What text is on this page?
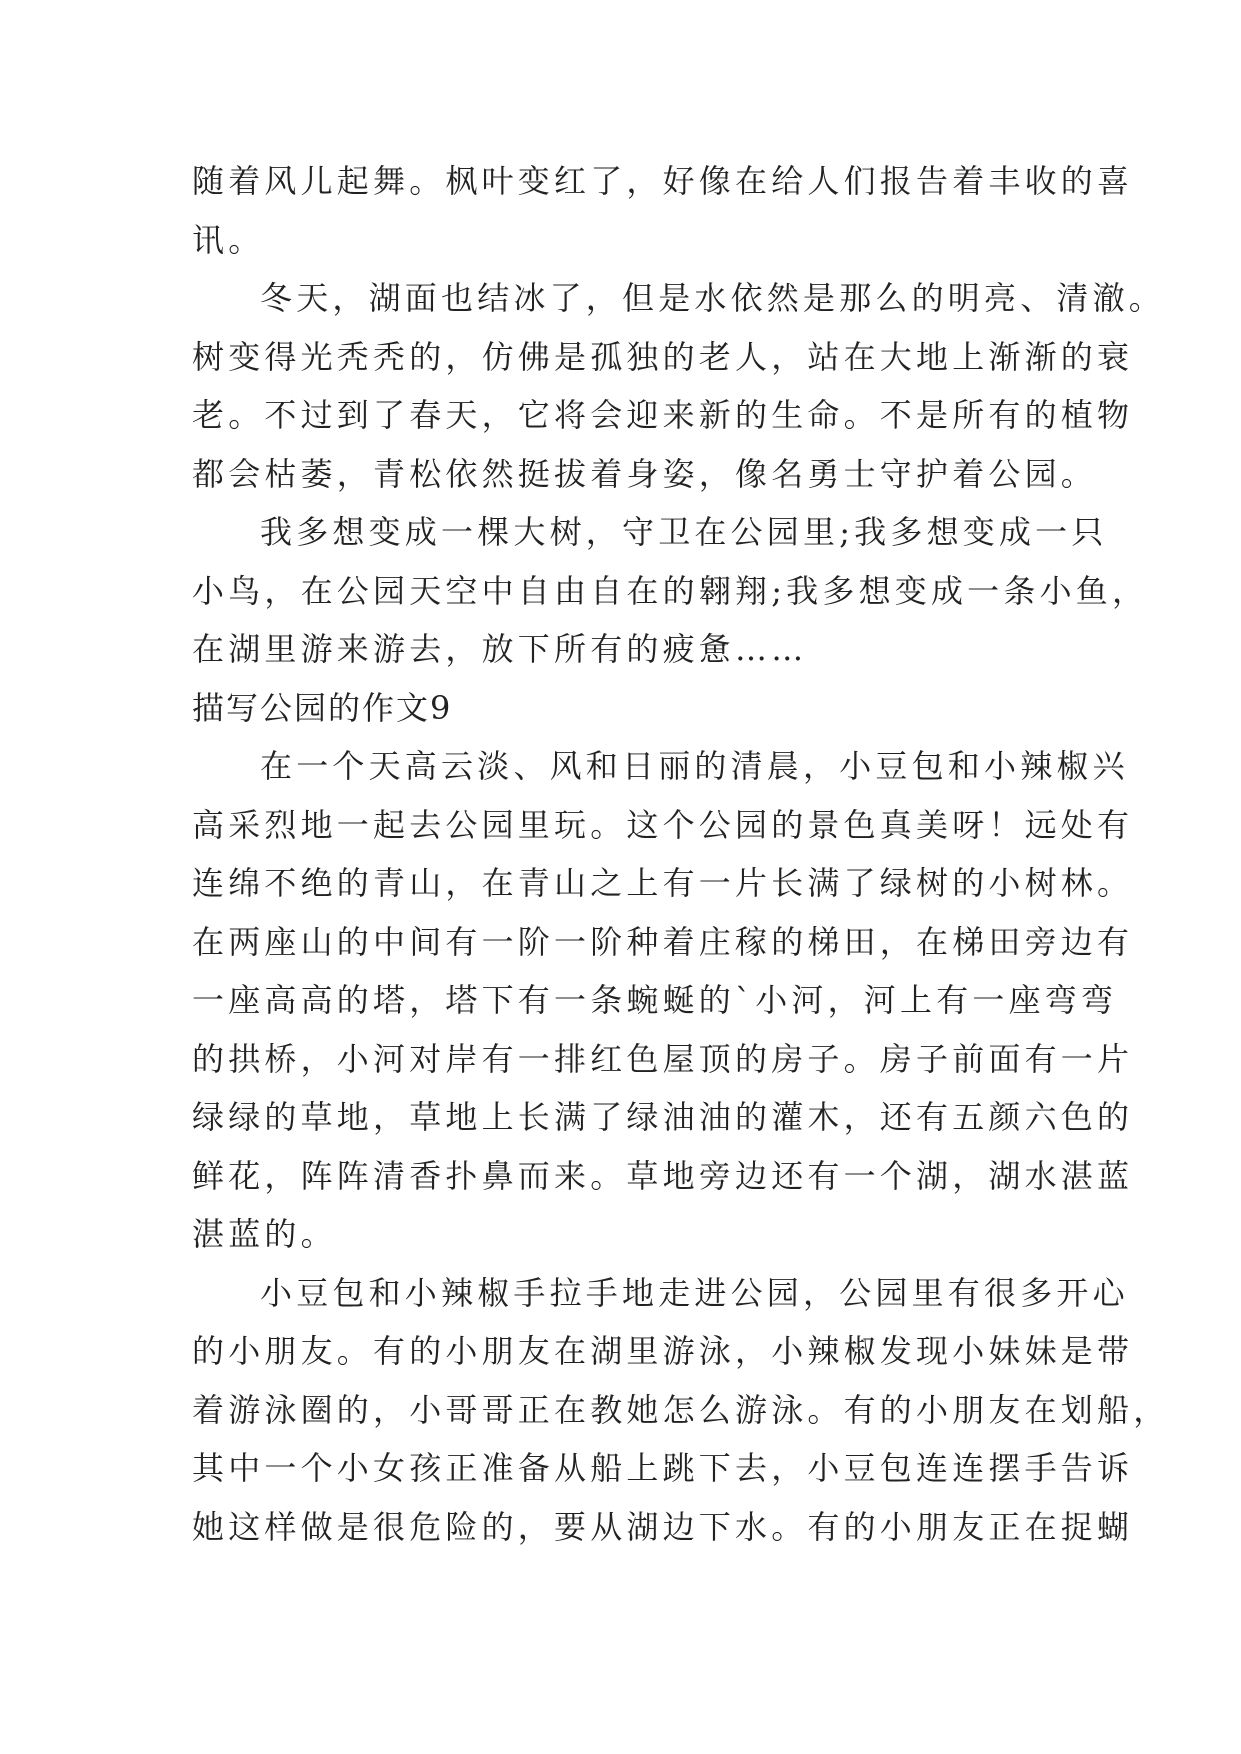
随着风儿起舞。枫叶变红了，好像在给人们报告着丰收的喜
讯。
冬天，湖面也结冰了，但是水依然是那么的明亮、清澈。
树变得光秃秃的，仿佛是孤独的老人，站在大地上渐渐的衰
老。不过到了春天，它将会迎来新的生命。不是所有的植物
都会枯萎，青松依然挺拔着身姿，像名勇士守护着公园。
我多想变成一棵大树，守卫在公园里;我多想变成一只
小鸟，在公园天空中自由自在的翱翔;我多想变成一条小鱼，
在湖里游来游去，放下所有的疲惫……
描写公园的作文9
在一个天高云淡、风和日丽的清晨，小豆包和小辣椒兴
高采烈地一起去公园里玩。这个公园的景色真美呀！远处有
连绵不绝的青山，在青山之上有一片长满了绿树的小树林。
在两座山的中间有一阶一阶种着庄稼的梯田，在梯田旁边有
一座高高的塔，塔下有一条蜿蜒的`小河，河上有一座弯弯
的拱桥，小河对岸有一排红色屋顶的房子。房子前面有一片
绿绿的草地，草地上长满了绿油油的灌木，还有五颜六色的
鲜花，阵阵清香扑鼻而来。草地旁边还有一个湖，湖水湛蓝
湛蓝的。
小豆包和小辣椒手拉手地走进公园，公园里有很多开心
的小朋友。有的小朋友在湖里游泳，小辣椒发现小妹妹是带
着游泳圈的，小哥哥正在教她怎么游泳。有的小朋友在划船，
其中一个小女孩正准备从船上跳下去，小豆包连连摆手告诉
她这样做是很危险的，要从湖边下水。有的小朋友正在捉蝴
